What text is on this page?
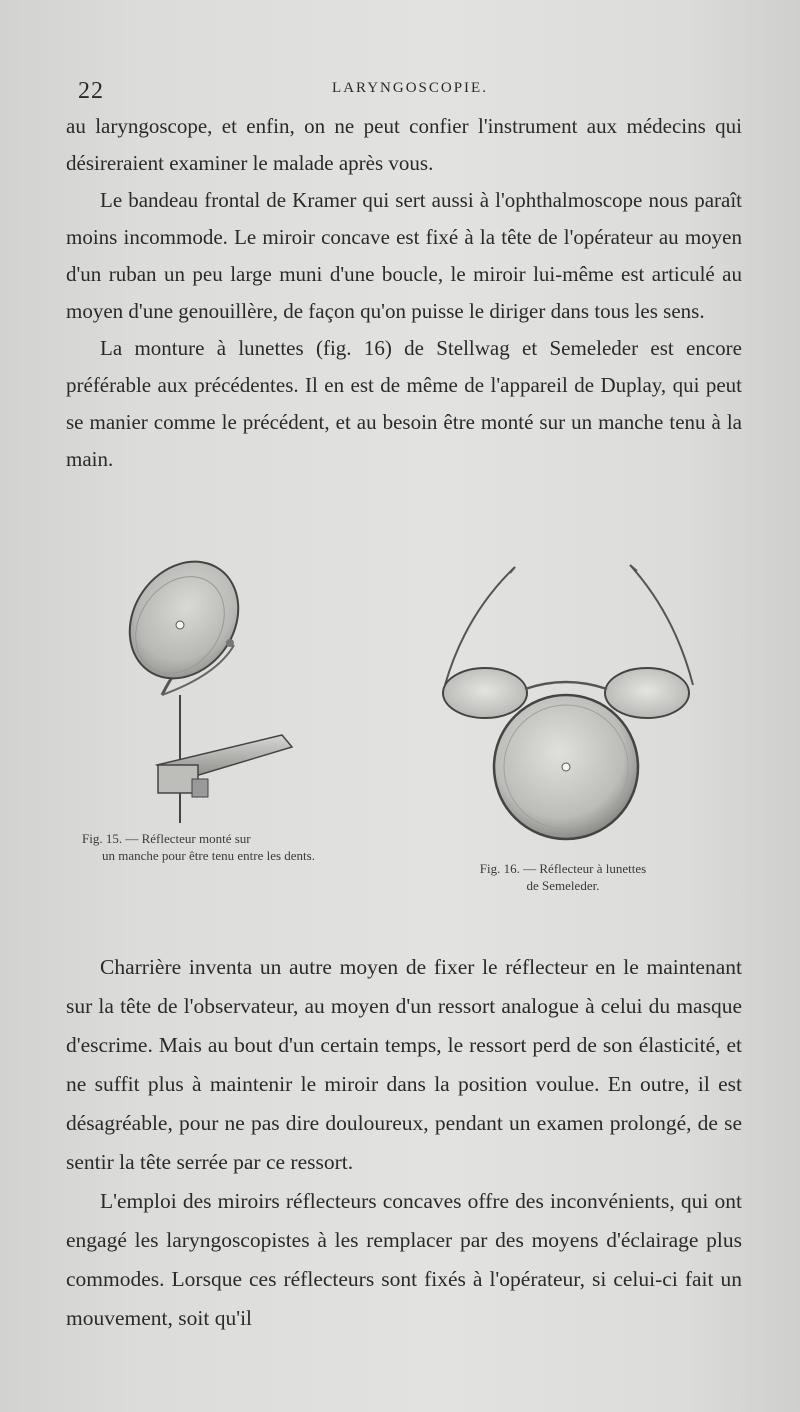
22	LARYNGOSCOPIE.

au laryngoscope, et enfin, on ne peut confier l'instrument aux médecins qui désireraient examiner le malade après vous.

Le bandeau frontal de Kramer qui sert aussi à l'ophthalmoscope nous paraît moins incommode. Le miroir concave est fixé à la tête de l'opérateur au moyen d'un ruban un peu large muni d'une boucle, le miroir lui-même est articulé au moyen d'une genouillère, de façon qu'on puisse le diriger dans tous les sens.

La monture à lunettes (fig. 16) de Stellwag et Semeleder est encore préférable aux précédentes. Il en est de même de l'appareil de Duplay, qui peut se manier comme le précédent, et au besoin être monté sur un manche tenu à la main.

Fig. 15. — Réflecteur monté sur
un manche pour être tenu entre les dents.
Fig. 16. — Réflecteur à lunettes
de Semeleder.

Charrière inventa un autre moyen de fixer le réflecteur en le maintenant sur la tête de l'observateur, au moyen d'un ressort analogue à celui du masque d'escrime. Mais au bout d'un certain temps, le ressort perd de son élasticité, et ne suffit plus à maintenir le miroir dans la position voulue. En outre, il est désagréable, pour ne pas dire douloureux, pendant un examen prolongé, de se sentir la tête serrée par ce ressort.

L'emploi des miroirs réflecteurs concaves offre des inconvénients, qui ont engagé les laryngoscopistes à les remplacer par des moyens d'éclairage plus commodes. Lorsque ces réflecteurs sont fixés à l'opérateur, si celui-ci fait un mouvement, soit qu'il
